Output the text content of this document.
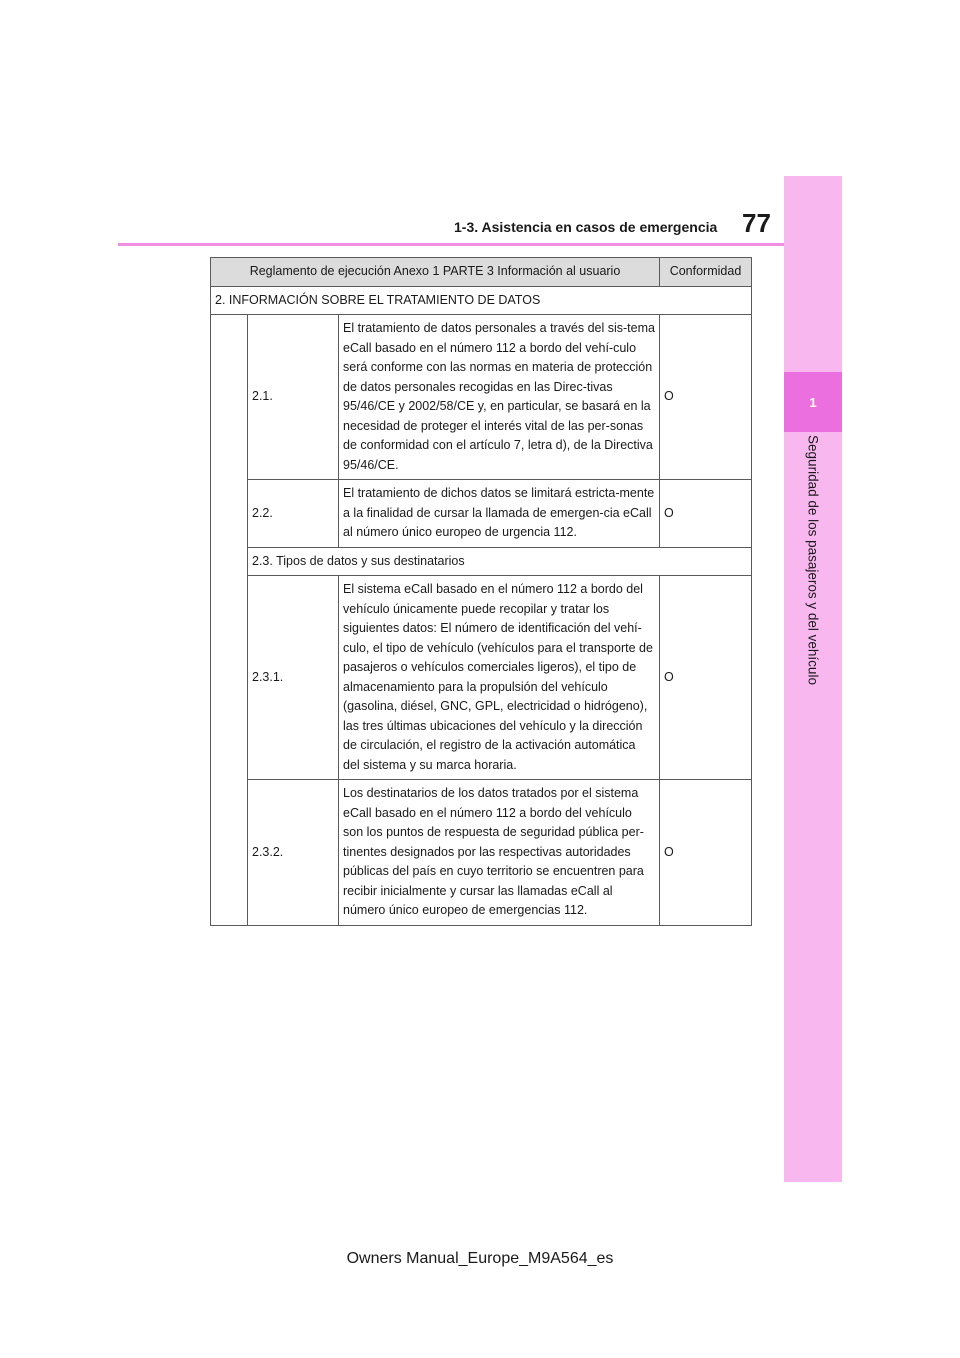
1
Seguridad de los pasajeros y del vehículo
77
1-3. Asistencia en casos de emergencia
Reglamento de ejecución Anexo 1 PARTE 3 Información al usuario			Conformidad
2. INFORMACIÓN SOBRE EL TRATAMIENTO DE DATOS			
	2.1.	El tratamiento de datos personales a través del sis-tema eCall basado en el número 112 a bordo del vehí-culo será conforme con las normas en materia de protección de datos personales recogidas en las Direc-tivas 95/46/CE y 2002/58/CE y, en particular, se basará en la necesidad de proteger el interés vital de las per-sonas de conformidad con el artículo 7, letra d), de la Directiva 95/46/CE.	O
	2.2.	El tratamiento de dichos datos se limitará estricta-mente a la finalidad de cursar la llamada de emergen-cia eCall al número único europeo de urgencia 112.	O
	2.3. Tipos de datos y sus destinatarios		
	2.3.1.	El sistema eCall basado en el número 112 a bordo del vehículo únicamente puede recopilar y tratar los siguientes datos: El número de identificación del vehí-culo, el tipo de vehículo (vehículos para el transporte de pasajeros o vehículos comerciales ligeros), el tipo de almacenamiento para la propulsión del vehículo (gasolina, diésel, GNC, GPL, electricidad o hidrógeno), las tres últimas ubicaciones del vehículo y la dirección de circulación, el registro de la activación automática del sistema y su marca horaria.	O
	2.3.2.	Los destinatarios de los datos tratados por el sistema eCall basado en el número 112 a bordo del vehículo son los puntos de respuesta de seguridad pública per-tinentes designados por las respectivas autoridades públicas del país en cuyo territorio se encuentren para recibir inicialmente y cursar las llamadas eCall al número único europeo de emergencias 112.	O
Owners Manual_Europe_M9A564_es
